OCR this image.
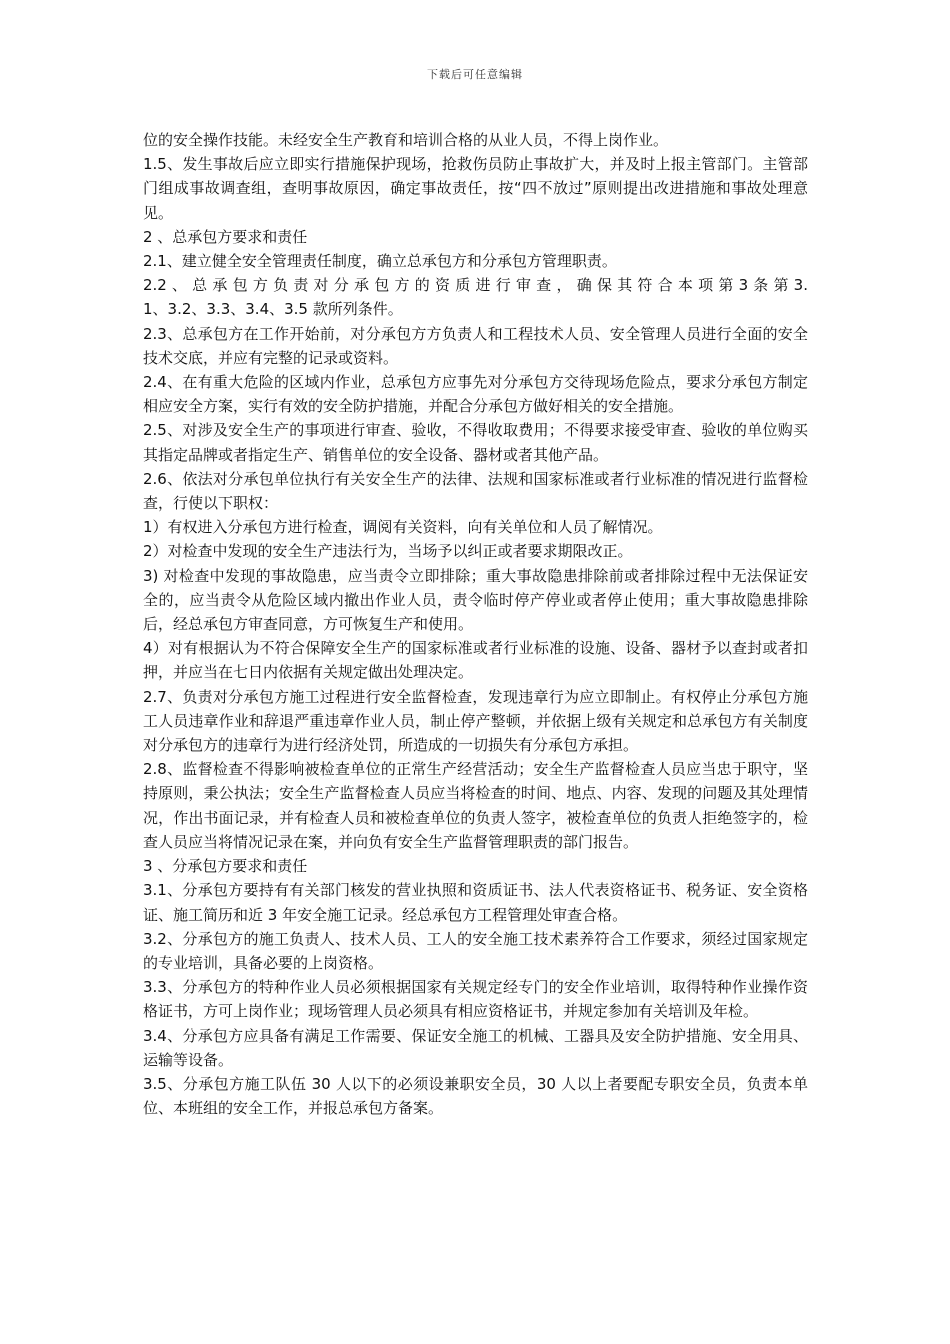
下载后可任意编辑

位的安全操作技能。未经安全生产教育和培训合格的从业人员，不得上岗作业。

1.5、发生事故后应立即实行措施保护现场，抢救伤员防止事故扩大，并及时上报主管部门。主管部门组成事故调查组，查明事故原因，确定事故责任，按“四不放过”原则提出改进措施和事故处理意见。

2 、总承包方要求和责任

2.1、建立健全安全管理责任制度，确立总承包方和分承包方管理职责。

2.2 、 总 承 包 方 负 责 对 分 承 包 方 的 资 质 进 行 审 查 ， 确 保 其 符 合 本 项 第 3 条 第 3.1、3.2、3.3、3.4、3.5 款所列条件。

2.3、总承包方在工作开始前，对分承包方方负责人和工程技术人员、安全管理人员进行全面的安全技术交底，并应有完整的记录或资料。

2.4、在有重大危险的区域内作业，总承包方应事先对分承包方交待现场危险点，要求分承包方制定相应安全方案，实行有效的安全防护措施，并配合分承包方做好相关的安全措施。

2.5、对涉及安全生产的事项进行审查、验收，不得收取费用；不得要求接受审查、验收的单位购买其指定品牌或者指定生产、销售单位的安全设备、器材或者其他产品。

2.6、依法对分承包单位执行有关安全生产的法律、法规和国家标准或者行业标准的情况进行监督检查，行使以下职权：

1）有权进入分承包方进行检查，调阅有关资料，向有关单位和人员了解情况。

2）对检查中发现的安全生产违法行为，当场予以纠正或者要求期限改正。

3) 对检查中发现的事故隐患，应当责令立即排除；重大事故隐患排除前或者排除过程中无法保证安全的，应当责令从危险区域内撤出作业人员，责令临时停产停业或者停止使用；重大事故隐患排除后，经总承包方审查同意，方可恢复生产和使用。

4）对有根据认为不符合保障安全生产的国家标准或者行业标准的设施、设备、器材予以查封或者扣押，并应当在七日内依据有关规定做出处理决定。

2.7、负责对分承包方施工过程进行安全监督检查，发现违章行为应立即制止。有权停止分承包方施工人员违章作业和辞退严重违章作业人员，制止停产整顿，并依据上级有关规定和总承包方有关制度对分承包方的违章行为进行经济处罚，所造成的一切损失有分承包方承担。

2.8、监督检查不得影响被检查单位的正常生产经营活动；安全生产监督检查人员应当忠于职守，坚持原则，秉公执法；安全生产监督检查人员应当将检查的时间、地点、内容、发现的问题及其处理情况，作出书面记录，并有检查人员和被检查单位的负责人签字，被检查单位的负责人拒绝签字的，检查人员应当将情况记录在案，并向负有安全生产监督管理职责的部门报告。

3 、分承包方要求和责任

3.1、分承包方要持有有关部门核发的营业执照和资质证书、法人代表资格证书、税务证、安全资格证、施工简历和近 3 年安全施工记录。经总承包方工程管理处审查合格。

3.2、分承包方的施工负责人、技术人员、工人的安全施工技术素养符合工作要求，须经过国家规定的专业培训，具备必要的上岗资格。

3.3、分承包方的特种作业人员必须根据国家有关规定经专门的安全作业培训，取得特种作业操作资格证书，方可上岗作业；现场管理人员必须具有相应资格证书，并规定参加有关培训及年检。

3.4、分承包方应具备有满足工作需要、保证安全施工的机械、工器具及安全防护措施、安全用具、运输等设备。

3.5、分承包方施工队伍 30 人以下的必须设兼职安全员，30 人以上者要配专职安全员，负责本单位、本班组的安全工作，并报总承包方备案。
